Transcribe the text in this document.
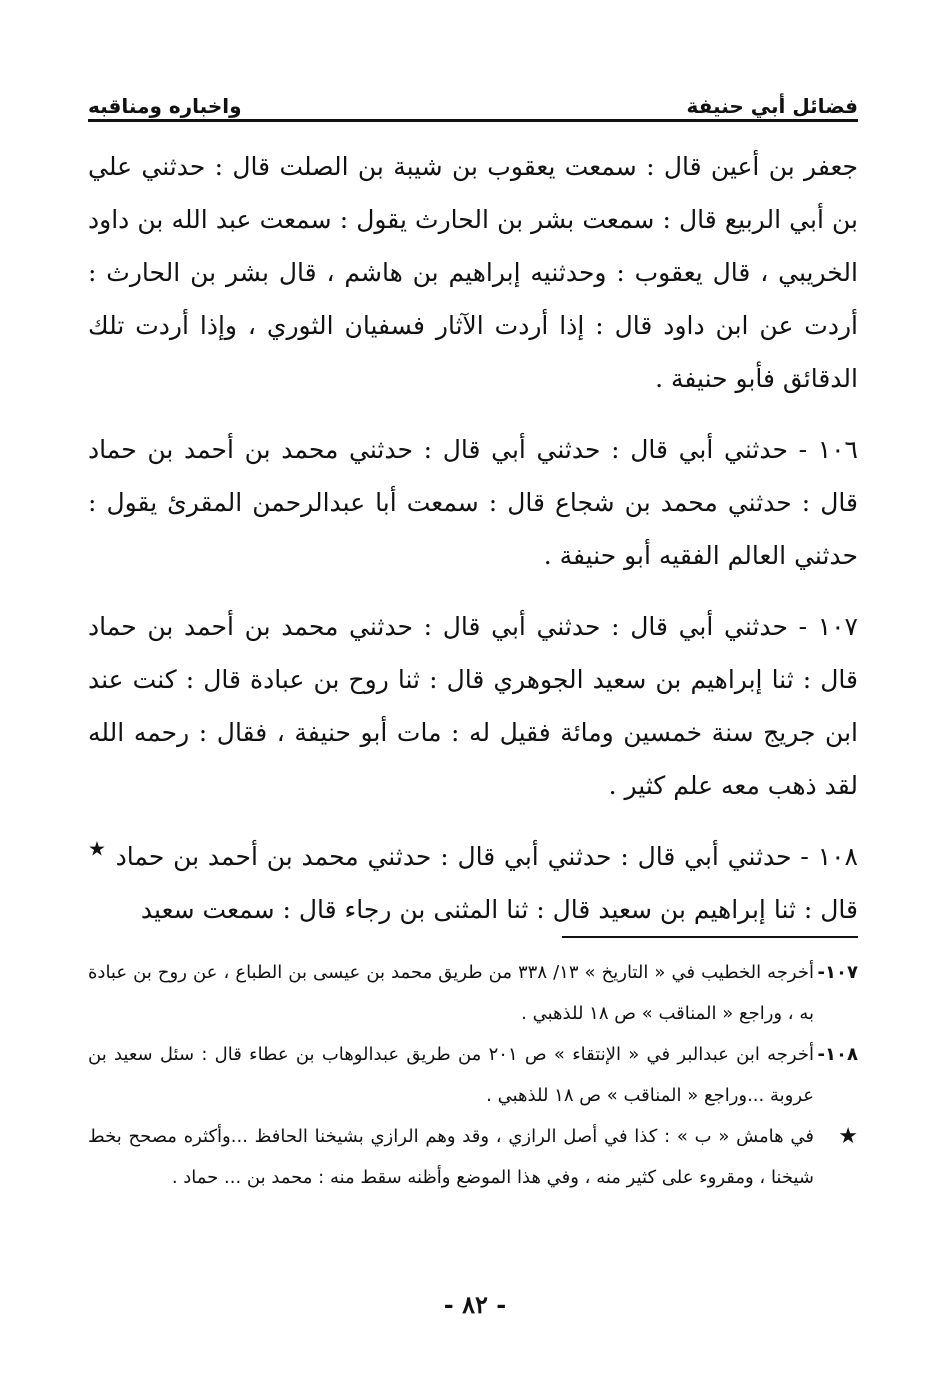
فضائل أبي حنيفة
واخباره ومناقبه

جعفر بن أعين قال : سمعت يعقوب بن شيبة بن الصلت قال : حدثني علي بن أبي الربيع قال : سمعت بشر بن الحارث يقول : سمعت عبد الله بن داود الخريبي ، قال يعقوب : وحدثنيه إبراهيم بن هاشم ، قال بشر بن الحارث : أردت عن ابن داود قال : إذا أردت الآثار فسفيان الثوري ، وإذا أردت تلك الدقائق فأبو حنيفة .

١٠٦ - حدثني أبي قال : حدثني أبي قال : حدثني محمد بن أحمد بن حماد قال : حدثني محمد بن شجاع قال : سمعت أبا عبدالرحمن المقرئ يقول : حدثني العالم الفقيه أبو حنيفة .

١٠٧ - حدثني أبي قال : حدثني أبي قال : حدثني محمد بن أحمد بن حماد قال : ثنا إبراهيم بن سعيد الجوهري قال : ثنا روح بن عبادة قال : كنت عند ابن جريج سنة خمسين ومائة فقيل له : مات أبو حنيفة ، فقال : رحمه الله لقد ذهب معه علم كثير .

١٠٨ - حدثني أبي قال : حدثني أبي قال : حدثني محمد بن أحمد بن حماد ★ قال : ثنا إبراهيم بن سعيد قال : ثنا المثنى بن رجاء قال : سمعت سعيد

١٠٧-
أخرجه الخطيب في « التاريخ » ١٣/ ٣٣٨ من طريق محمد بن عيسى بن الطباع ، عن روح بن عبادة به ، وراجع « المناقب » ص ١٨ للذهبي .
١٠٨-
أخرجه ابن عبدالبر في « الإنتقاء » ص ٢٠١ من طريق عبدالوهاب بن عطاء قال : سئل سعيد بن عروبة ...وراجع « المناقب » ص ١٨ للذهبي .
★
في هامش « ب » : كذا في أصل الرازي ، وقد وهم الرازي بشيخنا الحافظ ...وأكثره مصحح بخط شيخنا ، ومقروء على كثير منه ، وفي هذا الموضع وأظنه سقط منه : محمد بن ... حماد .
- ٨٢ -
